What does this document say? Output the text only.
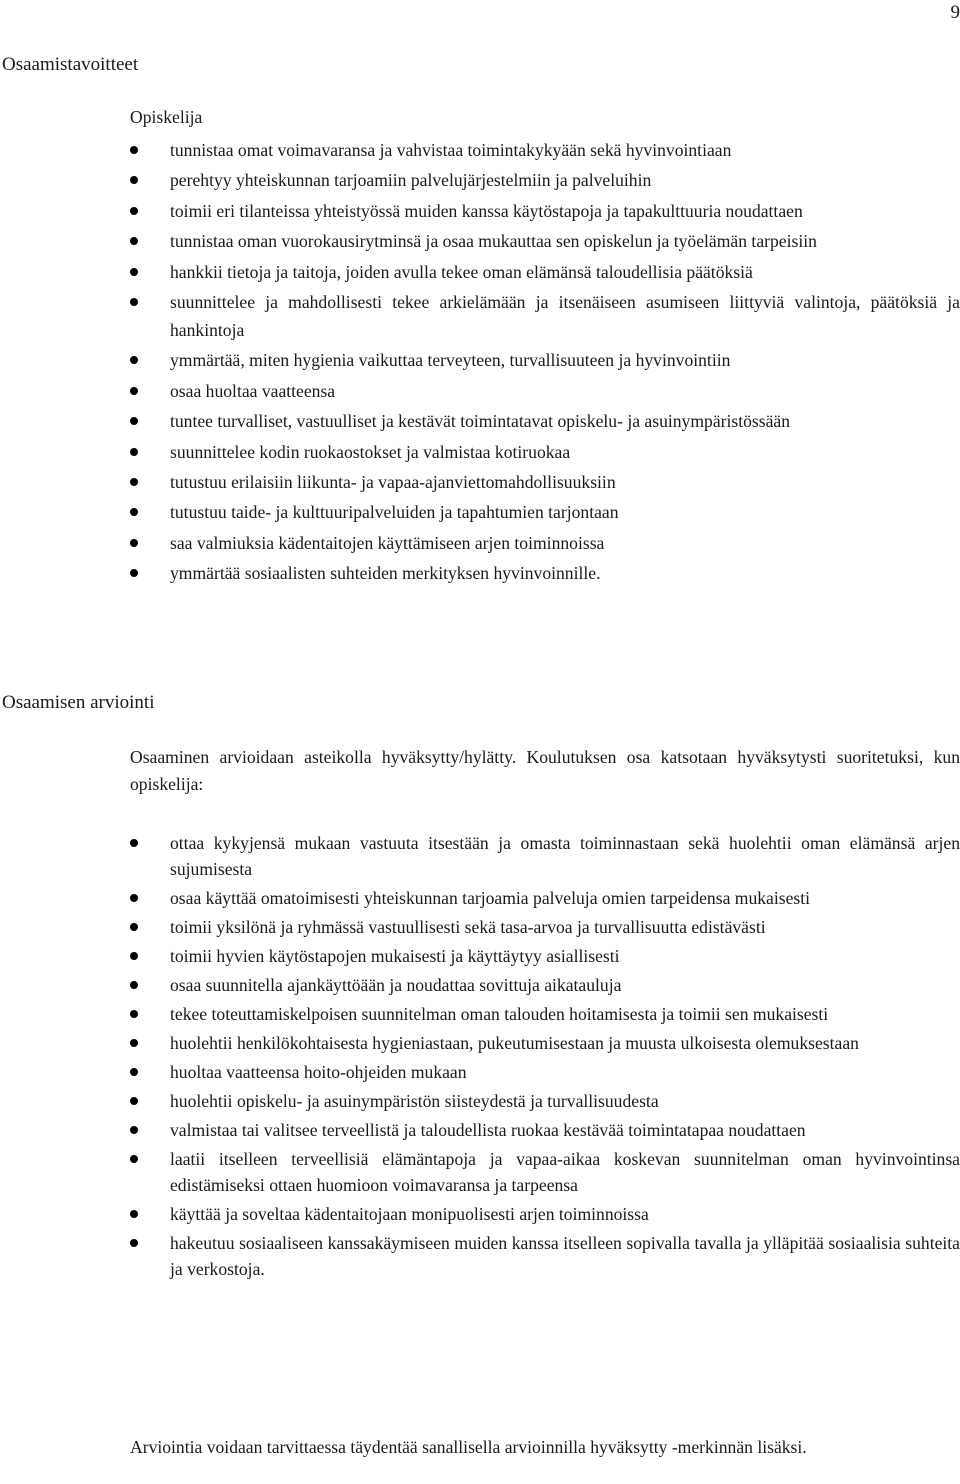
9
Osaamistavoitteet
Opiskelija
tunnistaa omat voimavaransa ja vahvistaa toimintakykyään sekä hyvinvointiaan
perehtyy yhteiskunnan tarjoamiin palvelujärjestelmiin ja palveluihin
toimii eri tilanteissa yhteistyössä muiden kanssa käytöstapoja ja tapakulttuuria noudattaen
tunnistaa oman vuorokausirytminsä ja osaa mukauttaa sen opiskelun ja työelämän tarpeisiin
hankkii tietoja ja taitoja, joiden avulla tekee oman elämänsä taloudellisia päätöksiä
suunnittelee ja mahdollisesti tekee arkielämään ja itsenäiseen asumiseen liittyviä valintoja, päätöksiä ja hankintoja
ymmärtää, miten hygienia vaikuttaa terveyteen, turvallisuuteen ja hyvinvointiin
osaa huoltaa vaatteensa
tuntee turvalliset, vastuulliset ja kestävät toimintatavat opiskelu- ja asuinympäristössään
suunnittelee kodin ruokaostokset ja valmistaa kotiruokaa
tutustuu erilaisiin liikunta- ja vapaa-ajanviettomahdollisuuksiin
tutustuu taide- ja kulttuuripalveluiden ja tapahtumien tarjontaan
saa valmiuksia kädentaitojen käyttämiseen arjen toiminnoissa
ymmärtää sosiaalisten suhteiden merkityksen hyvinvoinnille.
Osaamisen arviointi

Osaaminen arvioidaan asteikolla hyväksytty/hylätty. Koulutuksen osa katsotaan hyväksytysti suoritetuksi, kun opiskelija:

ottaa kykyjensä mukaan vastuuta itsestään ja omasta toiminnastaan sekä huolehtii oman elämänsä arjen sujumisesta
osaa käyttää omatoimisesti yhteiskunnan tarjoamia palveluja omien tarpeidensa mukaisesti
toimii yksilönä ja ryhmässä vastuullisesti sekä tasa-arvoa ja turvallisuutta edistävästi
toimii hyvien käytöstapojen mukaisesti ja käyttäytyy asiallisesti
osaa suunnitella ajankäyttöään ja noudattaa sovittuja aikatauluja
tekee toteuttamiskelpoisen suunnitelman oman talouden hoitamisesta ja toimii sen mukaisesti
huolehtii henkilökohtaisesta hygieniastaan, pukeutumisestaan ja muusta ulkoisesta olemuksestaan
huoltaa vaatteensa hoito-ohjeiden mukaan
huolehtii opiskelu- ja asuinympäristön siisteydestä ja turvallisuudesta
valmistaa tai valitsee terveellistä ja taloudellista ruokaa kestävää toimintatapaa noudattaen
laatii itselleen terveellisiä elämäntapoja ja vapaa-aikaa koskevan suunnitelman oman hyvinvointinsa edistämiseksi ottaen huomioon voimavaransa ja tarpeensa
käyttää ja soveltaa kädentaitojaan monipuolisesti arjen toiminnoissa
hakeutuu sosiaaliseen kanssakäymiseen muiden kanssa itselleen sopivalla tavalla ja ylläpitää sosiaalisia suhteita ja verkostoja.

Arviointia voidaan tarvittaessa täydentää sanallisella arvioinnilla hyväksytty -merkinnän lisäksi.
